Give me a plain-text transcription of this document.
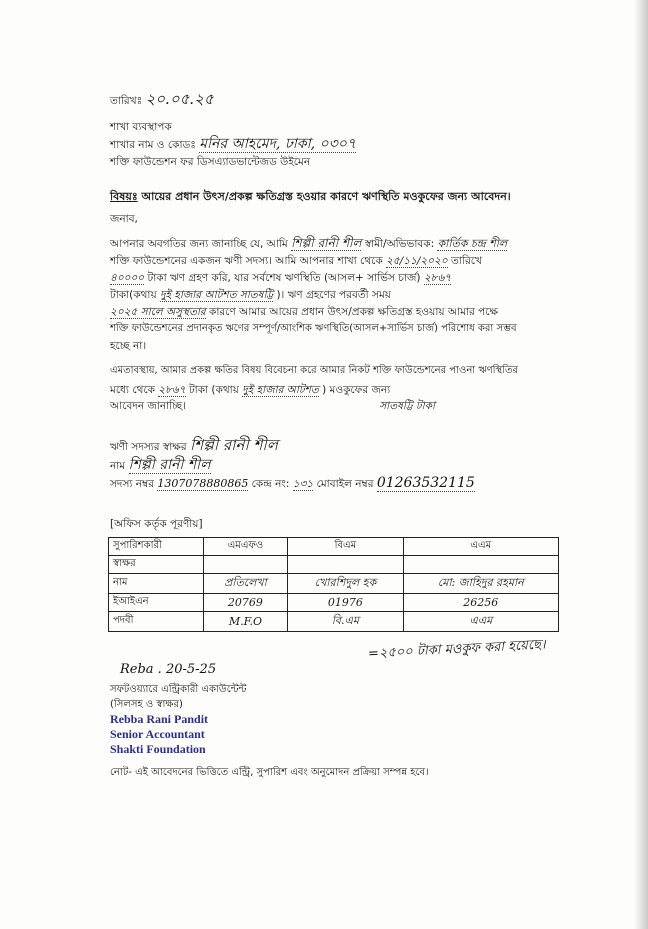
তারিখঃ ২০.০৫.২৫
শাখা ব্যবস্থাপক
শাখার নাম ও কোডঃ মনির আহমেদ, ঢাকা, ০৩০৭
শক্তি ফাউন্ডেশন ফর ডিসএ্যাডভান্টেজড উইমেন
বিষয়ঃ আয়ের প্রধান উৎস/প্রকল্প ক্ষতিগ্রস্ত হওয়ার কারণে ঋণস্থিতি মওকুফের জন্য আবেদন।
জনাব,
আপনার অবগতির জন্য জানাচ্ছি যে, আমি শিল্পী রানী শীল স্বামী/অভিভাবক: কার্তিক চন্দ্র শীল
শক্তি ফাউন্ডেশনের একজন ঋণী সদস্য। আমি আপনার শাখা থেকে ২৫/১১/২০২০ তারিখে
৪০০০০ টাকা ঋণ গ্রহণ করি, যার সর্বশেষ ঋণস্থিতি (আসল+ সার্ভিস চার্জ) ২৮৬৭
টাকা(কথায় দুই হাজার আটশত সাতষট্টি )। ঋণ গ্রহণের পরবর্তী সময়
২০২৫ সালে অসুস্থতার কারণে আমার আয়ের প্রধান উৎস/প্রকল্প ক্ষতিগ্রস্ত হওয়ায় আমার পক্ষে
শক্তি ফাউন্ডেশনের প্রদানকৃত ঋণের সম্পূর্ণ/আংশিক ঋণস্থিতি(আসল+সার্ভিস চার্জ) পরিশোধ করা সম্ভব
হচ্ছে না।
এমতাবস্থায়, আমার প্রকল্প ক্ষতির বিষয় বিবেচনা করে আমার নিকট শক্তি ফাউন্ডেশনের পাওনা ঋণস্থিতির
মধ্যে থেকে ২৮৬৭ টাকা (কথায় দুই হাজার আটশত ) মওকুফের জন্য
আবেদন জানাচ্ছি।	সাতষট্টি টাকা
ঋণী সদস্যর স্বাক্ষর শিল্পী রানী শীল
নাম শিল্পী রানী শীল
সদস্য নম্বর 1307078880865 কেন্দ্র নং: ১৩১ মোবাইল নম্বর 01263532115
[অফিস কর্তৃক পূরণীয়]
সুপারিশকারী	এমএফও	বিএম	এএম
স্বাক্ষর			
নাম	প্রতিলেখা	খোরশিদুল হক	মো: জাহিদুর রহমান
ইআইএন	20769	01976	26256
পদবী	M.F.O	বি.এম	এএম
=২৫০০ টাকা মওকুফ করা হয়েছে।
Reba . 20-5-25
সফটওয়্যারে এন্ট্রিকারী একাউন্টেন্ট
(সিলসহ ও স্বাক্ষর)
Rebba Rani Pandit
Senior Accountant
Shakti Foundation
নোট- এই আবেদনের ভিত্তিতে এন্ট্রি, সুপারিশ এবং অনুমোদন প্রক্রিয়া সম্পন্ন হবে।
